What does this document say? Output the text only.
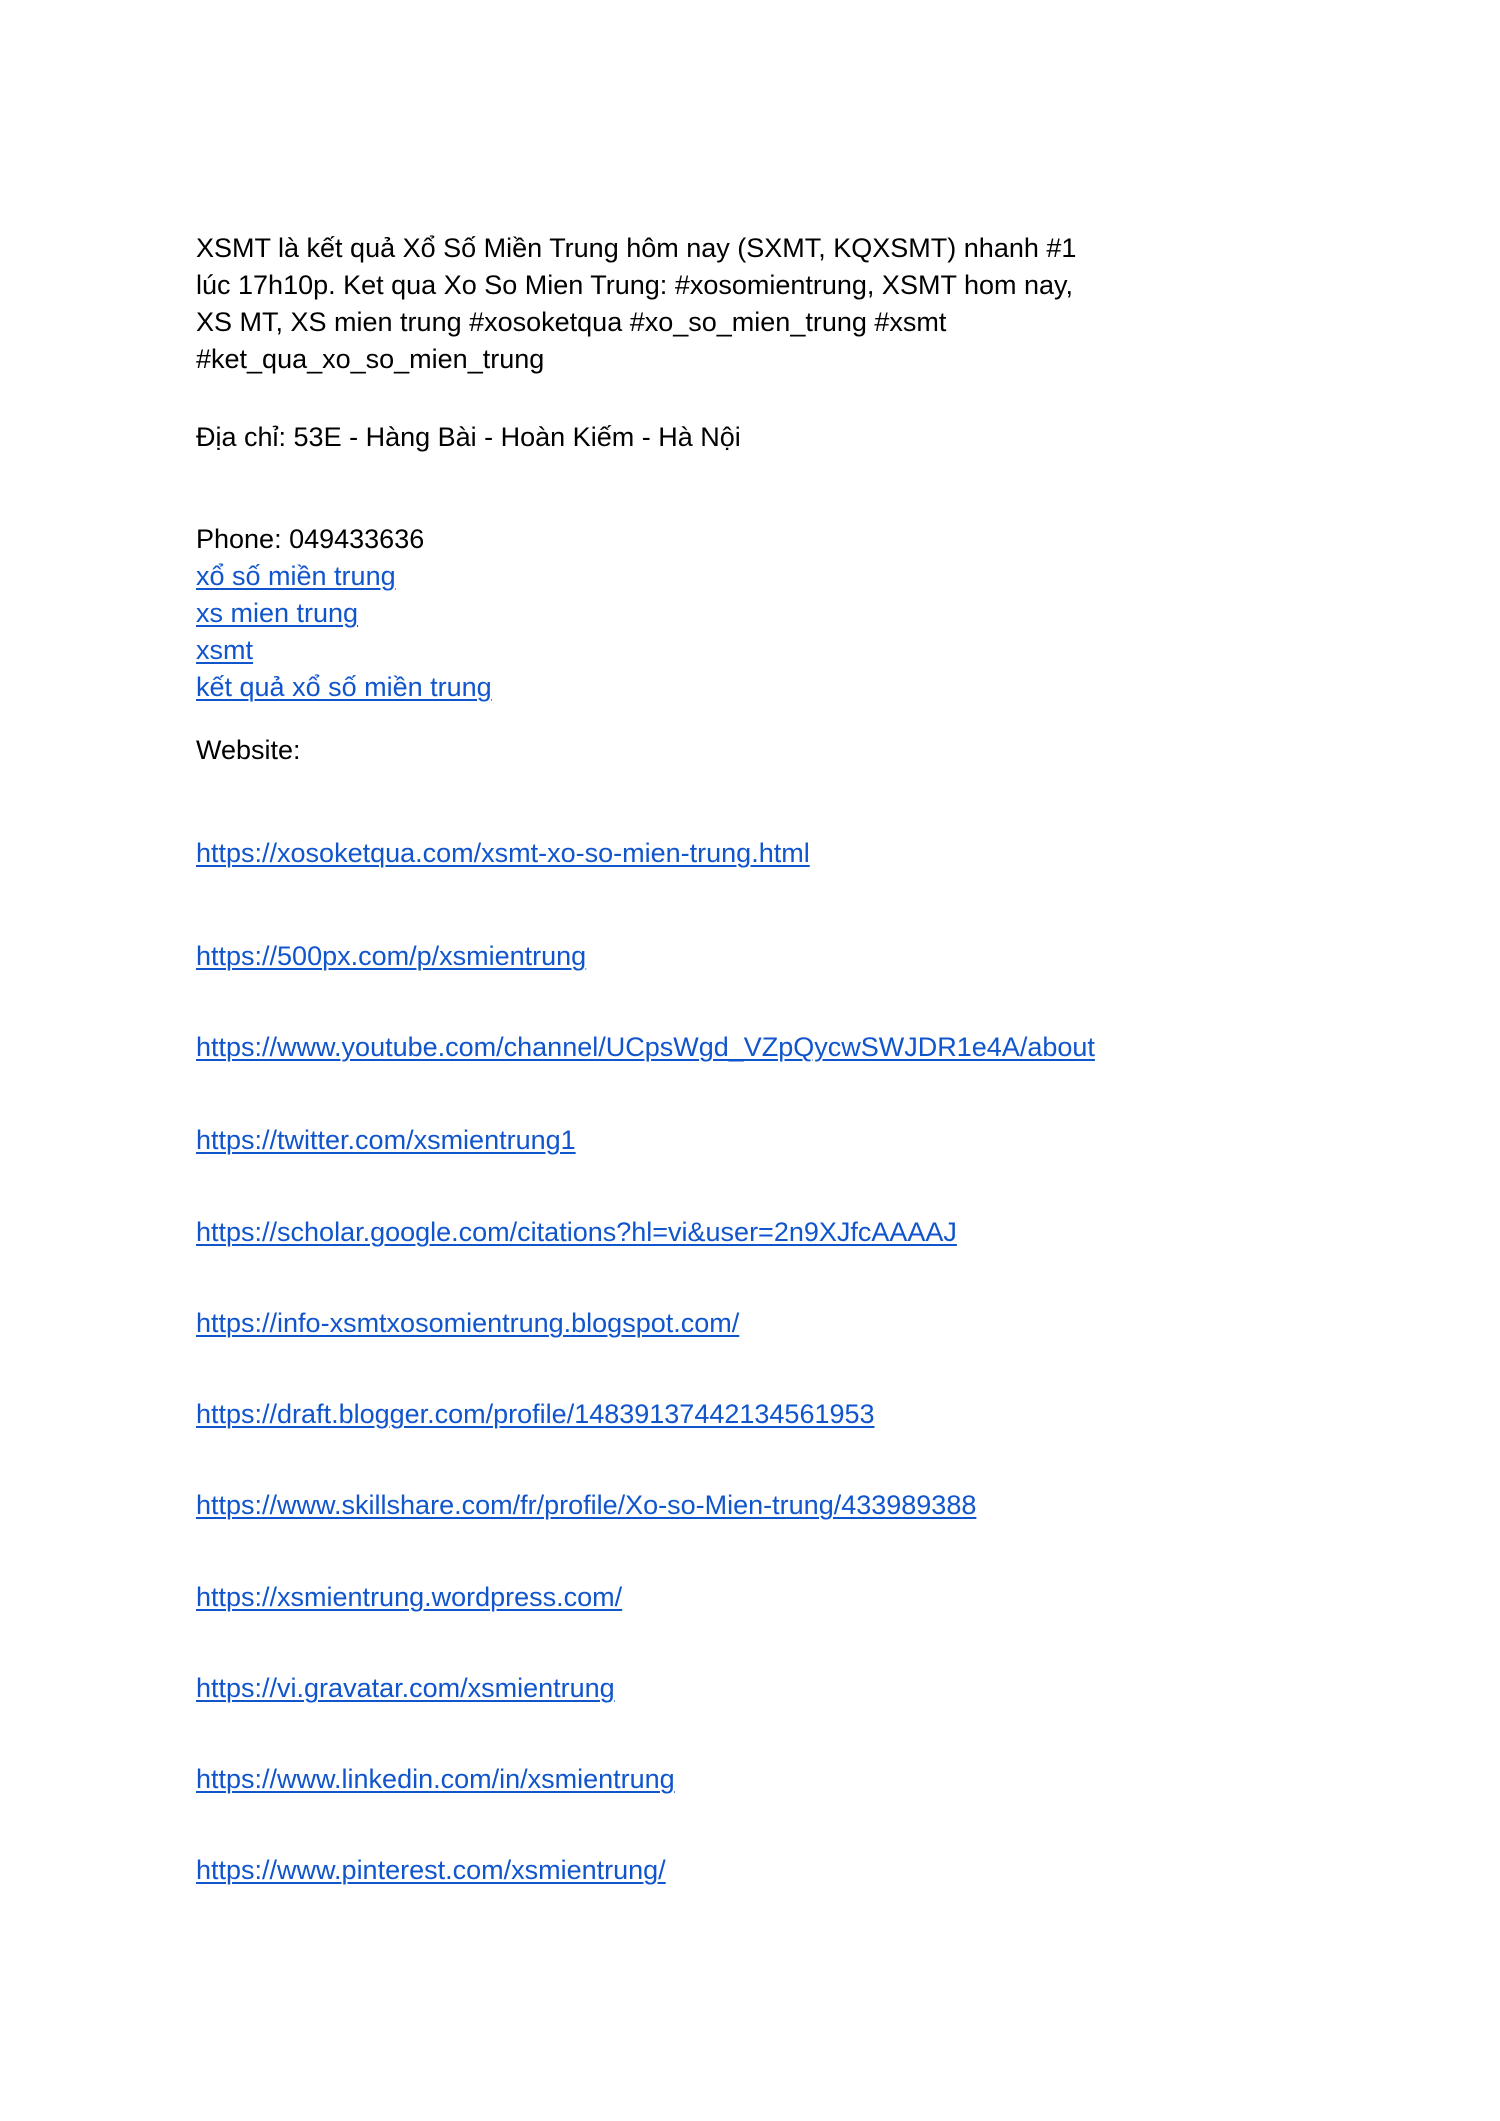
XSMT là kết quả Xổ Số Miền Trung hôm nay (SXMT, KQXSMT) nhanh #1
lúc 17h10p. Ket qua Xo So Mien Trung: #xosomientrung, XSMT hom nay,
XS MT, XS mien trung #xosoketqua #xo_so_mien_trung #xsmt
#ket_qua_xo_so_mien_trung
Địa chỉ: 53E - Hàng Bài - Hoàn Kiếm - Hà Nội
Phone: 049433636
xổ số miền trung
xs mien trung
xsmt
kết quả xổ số miền trung
Website:
https://xosoketqua.com/xsmt-xo-so-mien-trung.html
https://500px.com/p/xsmientrung
https://www.youtube.com/channel/UCpsWgd_VZpQycwSWJDR1e4A/about
https://twitter.com/xsmientrung1
https://scholar.google.com/citations?hl=vi&user=2n9XJfcAAAAJ
https://info-xsmtxosomientrung.blogspot.com/
https://draft.blogger.com/profile/14839137442134561953
https://www.skillshare.com/fr/profile/Xo-so-Mien-trung/433989388
https://xsmientrung.wordpress.com/
https://vi.gravatar.com/xsmientrung
https://www.linkedin.com/in/xsmientrung
https://www.pinterest.com/xsmientrung/
